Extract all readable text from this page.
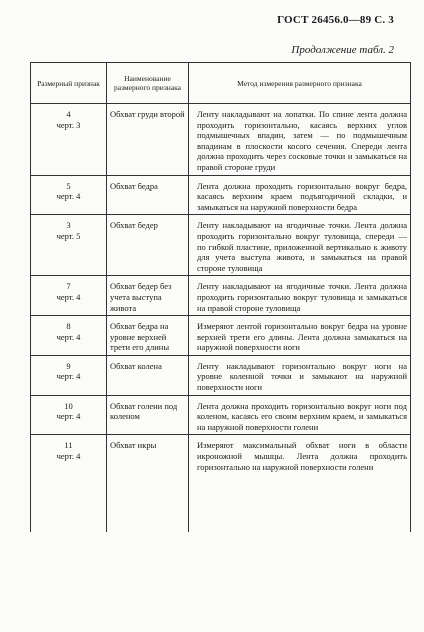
ГОСТ 26456.0—89 С. 3
Продолжение табл. 2
Размерный признак	Наименование размерного признака	Метод измерения размерного признака

4
черт. 3	Обхват груди второй	Ленту накладывают на лопатки. По спине лента должна проходить горизонтально, касаясь верхних углов подмышечных впадин, затем — по подмышечным впадинам в плоскости косого сечения. Спереди лента должна проходить через сосковые точки и замыкаться на правой стороне груди

5
черт. 4	Обхват бедра	Лента должна проходить горизонтально вокруг бедра, касаясь верхним краем подъягодичной складки, и замыкаться на наружной поверхности бедра

3
черт. 5	Обхват бедер	Ленту накладывают на ягодичные точки. Лента должна проходить горизонтально вокруг туловища, спереди — по гибкой пластине, приложенной вертикально к животу для учета выступа живота, и замыкаться на правой стороне туловища

7
черт. 4	Обхват бедер без учета выступа живота	Ленту накладывают на ягодичные точки. Лента должна проходить горизонтально вокруг туловища и замыкаться на правой стороне туловища

8
черт. 4	Обхват бедра на уровне верхней трети его длины	Измеряют лентой горизонтально вокруг бедра на уровне верхней трети его длины. Лента должна замыкаться на наружной поверхности ноги

9
черт. 4	Обхват колена	Ленту накладывают горизонтально вокруг ноги на уровне коленной точки и замыкают на наружной поверхности ноги

10
черт. 4	Обхват голени под коленом	Лента должна проходить горизонтально вокруг ноги под коленом, касаясь его своим верхним краем, и замыкаться на наружной поверхности голени

11
черт. 4	Обхват икры	Измеряют максимальный обхват ноги в области икроножной мышцы. Лента должна проходить горизонтально на наружной поверхности голени
